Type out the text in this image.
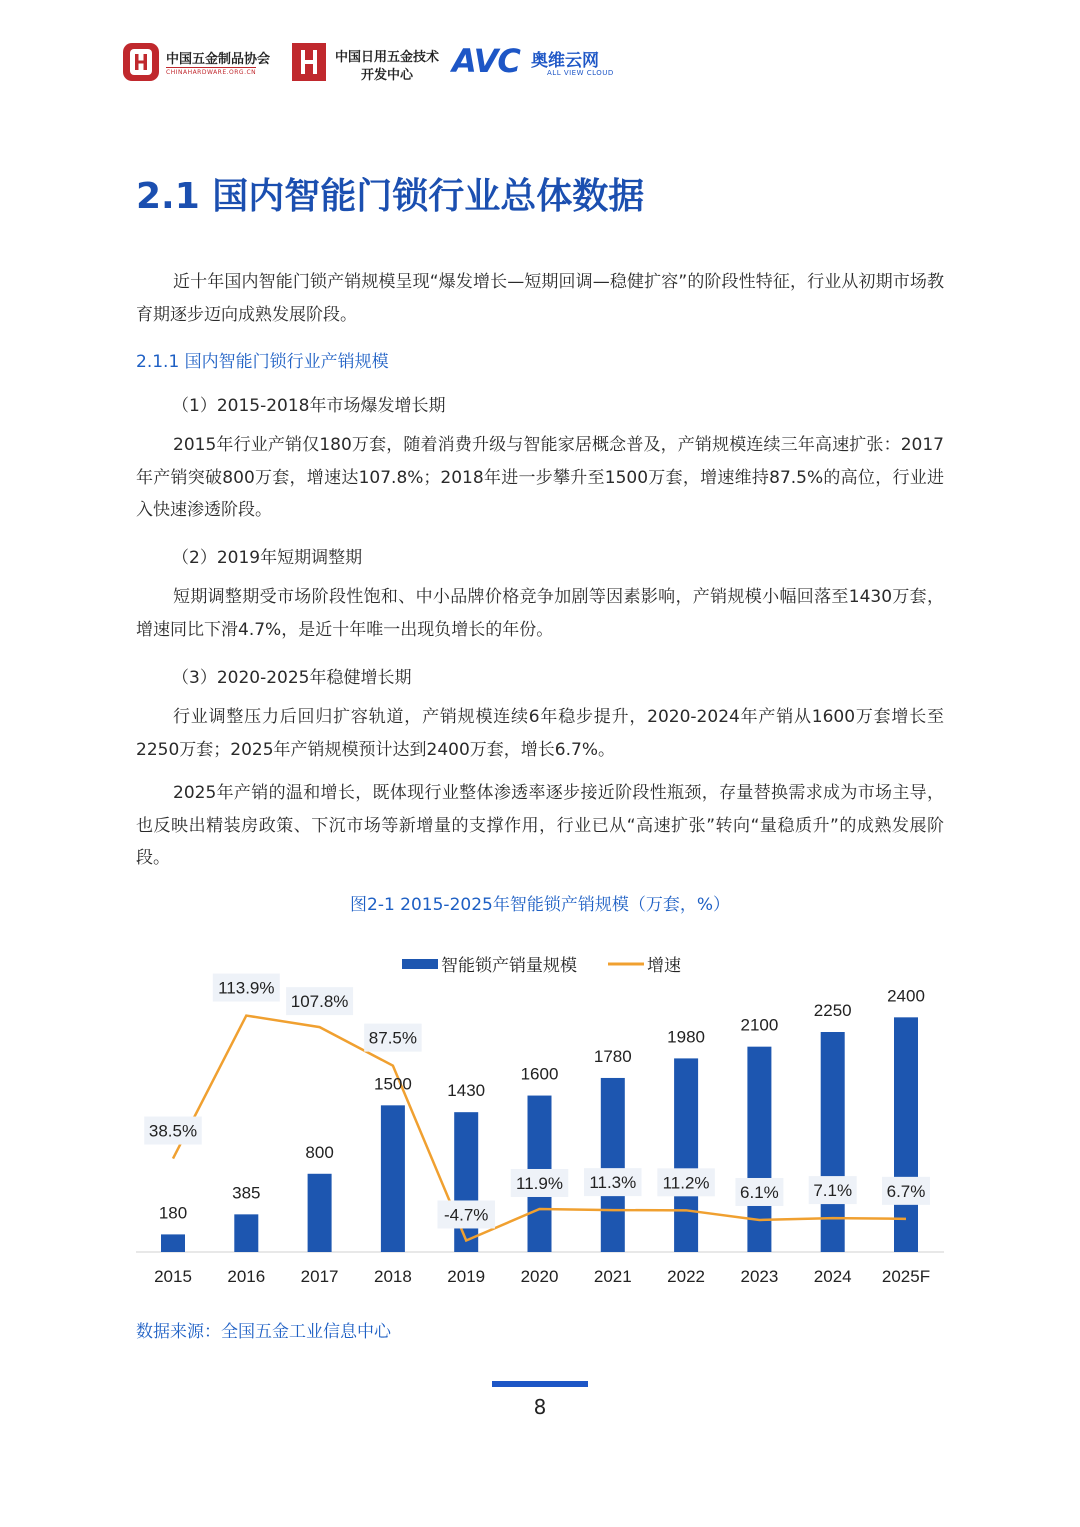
中国五金制品协会
CHINAHARDWARE.ORG.CN
中国日用五金技术
开发中心 AVC 奥维云网
ALL VIEW CLOUD
2.1 国内智能门锁行业总体数据

近十年国内智能门锁产销规模呈现“爆发增长—短期回调—稳健扩容”的阶段性特征，行业从初期市场教育期逐步迈向成熟发展阶段。

2.1.1 国内智能门锁行业产销规模
（1）2015-2018年市场爆发增长期

2015年行业产销仅180万套，随着消费升级与智能家居概念普及，产销规模连续三年高速扩张：2017年产销突破800万套，增速达107.8%；2018年进一步攀升至1500万套，增速维持87.5%的高位，行业进入快速渗透阶段。

（2）2019年短期调整期

短期调整期受市场阶段性饱和、中小品牌价格竞争加剧等因素影响，产销规模小幅回落至1430万套，增速同比下滑4.7%，是近十年唯一出现负增长的年份。

（3）2020-2025年稳健增长期

行业调整压力后回归扩容轨道，产销规模连续6年稳步提升，2020-2024年产销从1600万套增长至2250万套；2025年产销规模预计达到2400万套，增长6.7%。

2025年产销的温和增长，既体现行业整体渗透率逐步接近阶段性瓶颈，存量替换需求成为市场主导，也反映出精装房政策、下沉市场等新增量的支撑作用，行业已从“高速扩张”转向“量稳质升”的成熟发展阶段。

图2-1 2015-2025年智能锁产销规模（万套，%）
智能锁产销量规模	增速
180
2015
385
2016
800
2017
1500
2018
1430
2019
1600
2020
1780
2021
1980
2022
2100
2023
2250
2024
2400
2025F
38.5%
113.9%
107.8%
87.5%
-4.7%
11.9% 11.3% 11.2%
6.1% 7.1% 6.7%
数据来源：全国五金工业信息中心
8
